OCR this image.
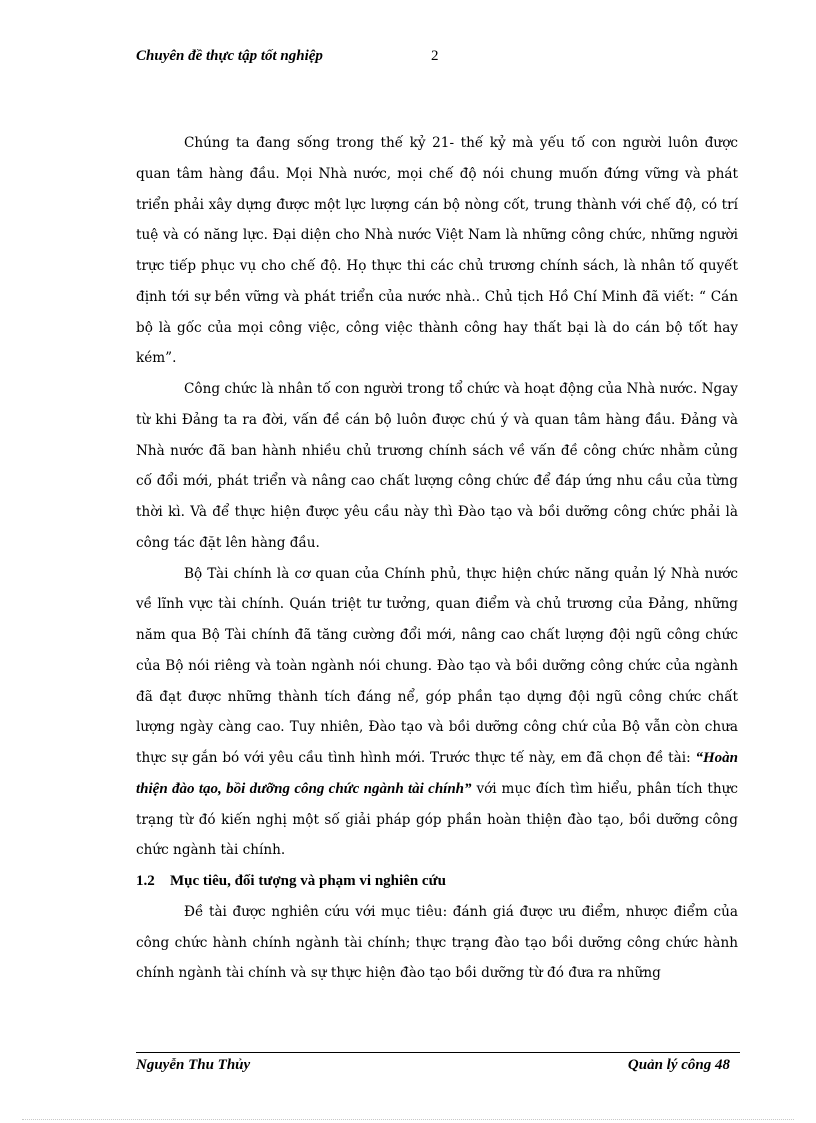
Chuyên đề thực tập tốt nghiệp	2

Chúng ta đang sống trong thế kỷ 21- thế kỷ mà yếu tố con người luôn được quan tâm hàng đầu. Mọi Nhà nước, mọi chế độ nói chung muốn đứng vững và phát triển phải xây dựng được một lực lượng cán bộ nòng cốt, trung thành với chế độ, có trí tuệ và có năng lực. Đại diện cho Nhà nước Việt Nam là những công chức, những người trực tiếp phục vụ cho chế độ. Họ thực thi các chủ trương chính sách, là nhân tố quyết định tới sự bền vững và phát triển của nước nhà.. Chủ tịch Hồ Chí Minh đã viết: “ Cán bộ là gốc của mọi công việc, công việc thành công hay thất bại là do cán bộ tốt hay kém”.

Công chức là nhân tố con người trong tổ chức và hoạt động của Nhà nước. Ngay từ khi Đảng ta ra đời, vấn đề cán bộ luôn được chú ý và quan tâm hàng đầu. Đảng và Nhà nước đã ban hành nhiều chủ trương chính sách về vấn đề công chức nhằm củng cố đổi mới, phát triển và nâng cao chất lượng công chức để đáp ứng nhu cầu của từng thời kì. Và để thực hiện được yêu cầu này thì Đào tạo và bồi dưỡng công chức phải là công tác đặt lên hàng đầu.

Bộ Tài chính là cơ quan của Chính phủ, thực hiện chức năng quản lý Nhà nước về lĩnh vực tài chính. Quán triệt tư tưởng, quan điểm và chủ trương của Đảng, những năm qua Bộ Tài chính đã tăng cường đổi mới, nâng cao chất lượng đội ngũ công chức của Bộ nói riêng và toàn ngành nói chung. Đào tạo và bồi dưỡng công chức của ngành đã đạt được những thành tích đáng nể, góp phần tạo dựng đội ngũ công chức chất lượng ngày càng cao. Tuy nhiên, Đào tạo và bồi dưỡng công chứ của Bộ vẫn còn chưa thực sự gắn bó với yêu cầu tình hình mới. Trước thực tế này, em đã chọn đề tài: “Hoàn thiện đào tạo, bồi dưỡng công chức ngành tài chính” với mục đích tìm hiểu, phân tích thực trạng từ đó kiến nghị một số giải pháp góp phần hoàn thiện đào tạo, bồi dưỡng công chức ngành tài chính.

1.2 Mục tiêu, đối tượng và phạm vi nghiên cứu

Đề tài được nghiên cứu với mục tiêu: đánh giá được ưu điểm, nhược điểm của công chức hành chính ngành tài chính; thực trạng đào tạo bồi dưỡng công chức hành chính ngành tài chính và sự thực hiện đào tạo bồi dưỡng từ đó đưa ra những

Nguyễn Thu Thủy	Quản lý công 48
